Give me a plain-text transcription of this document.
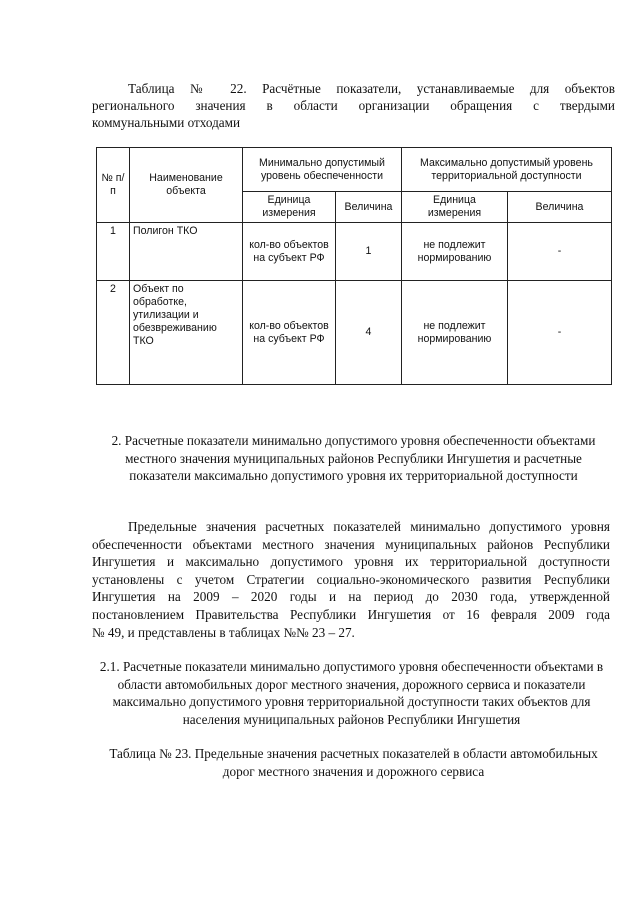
Таблица № 22. Расчётные показатели, устанавливаемые для объектов
регионального значения в области организации обращения с твердыми
коммунальными отходами
№ п/п	Наименование объекта	Минимально допустимый уровень обеспеченности		Максимально допустимый уровень территориальной доступности	
		Единица измерения	Величина	Единица измерения	Величина
1	Полигон ТКО	кол-во объектов на субъект РФ	1	не подлежит нормированию	-
2	Объект по обработке, утилизации и обезвреживанию ТКО	кол-во объектов на субъект РФ	4	не подлежит нормированию	-
2. Расчетные показатели минимально допустимого уровня обеспеченности объектами местного значения муниципальных районов Республики Ингушетия и расчетные показатели максимально допустимого уровня их территориальной доступности
Предельные значения расчетных показателей минимально допустимого уровня
обеспеченности объектами местного значения муниципальных районов Республики
Ингушетия и максимально допустимого уровня их территориальной доступности
установлены с учетом Стратегии социально-экономического развития Республики
Ингушетия на 2009 – 2020 годы и на период до 2030 года, утвержденной
постановлением Правительства Республики Ингушетия от 16 февраля 2009 года
№ 49, и представлены в таблицах №№ 23 – 27.
2.1. Расчетные показатели минимально допустимого уровня обеспеченности объектами в области автомобильных дорог местного значения, дорожного сервиса и показатели максимально допустимого уровня территориальной доступности таких объектов для населения муниципальных районов Республики Ингушетия
Таблица № 23. Предельные значения расчетных показателей в области автомобильных дорог местного значения и дорожного сервиса
